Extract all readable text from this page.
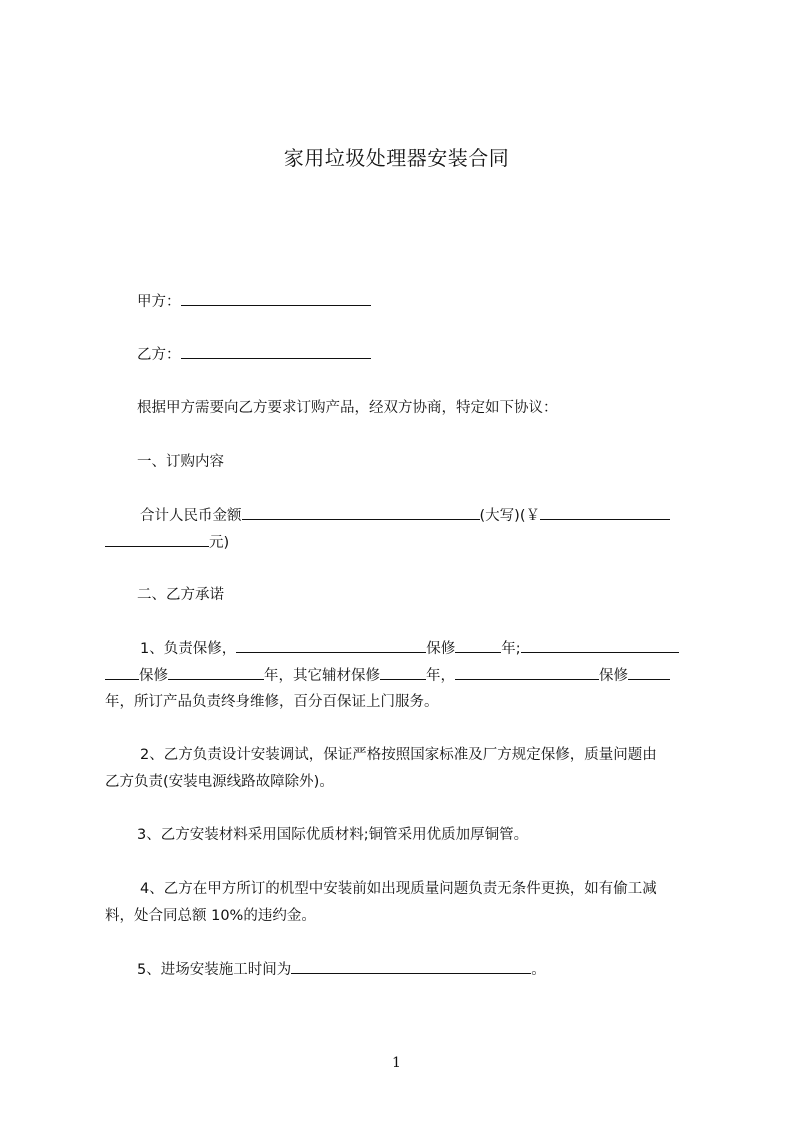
家用垃圾处理器安装合同
甲方：
乙方：
根据甲方需要向乙方要求订购产品，经双方协商，特定如下协议：
一、订购内容
合计人民币金额	(大写)(￥
元)
二、乙方承诺
1、负责保修，	保修	年;
保修	年，其它辅材保修	年，	保修
年，所订产品负责终身维修，百分百保证上门服务。
2、乙方负责设计安装调试，保证严格按照国家标准及厂方规定保修，质量问题由
乙方负责(安装电源线路故障除外)。
3、乙方安装材料采用国际优质材料;铜管采用优质加厚铜管。
4、乙方在甲方所订的机型中安装前如出现质量问题负责无条件更换，如有偷工减
料，处合同总额 10%的违约金。
5、进场安装施工时间为	。
1
